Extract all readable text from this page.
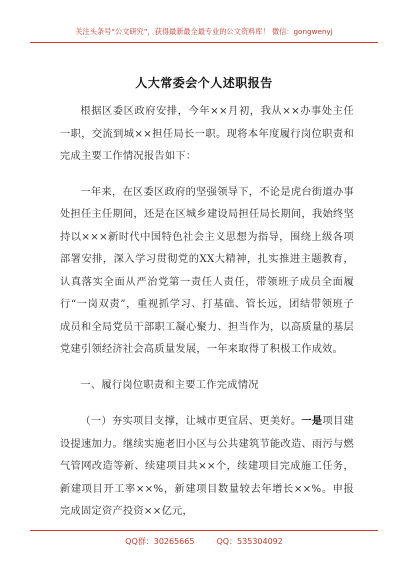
关注头条号“公文研究”，获得最新最全最专业的公文资料库！ 微信：gongwenyj
人大常委会个人述职报告

根据区委区政府安排，今年××月初，我从××办事处主任一职，交流到城××担任局长一职。现将本年度履行岗位职责和完成主要工作情况报告如下：

一年来，在区委区政府的坚强领导下，不论是虎台街道办事处担任主任期间，还是在区城乡建设局担任局长期间，我始终坚持以×××新时代中国特色社会主义思想为指导，围绕上级各项部署安排，深入学习贯彻党的XX大精神，扎实推进主题教育，认真落实全面从严治党第一责任人责任，带领班子成员全面履行“一岗双责”，重视抓学习、打基础、管长远，团结带领班子成员和全局党员干部职工凝心聚力、担当作为，以高质量的基层党建引领经济社会高质量发展，一年来取得了积极工作成效。

一、履行岗位职责和主要工作完成情况

（一）夯实项目支撑，让城市更宜居、更美好。一是项目建设提速加力。继续实施老旧小区与公共建筑节能改造、雨污与燃气管网改造等新、续建项目共××个，续建项目完成施工任务，新建项目开工率××%，新建项目数量较去年增长××%。申报完成固定资产投资××亿元，

QQ群：30265665	QQ：535304092
